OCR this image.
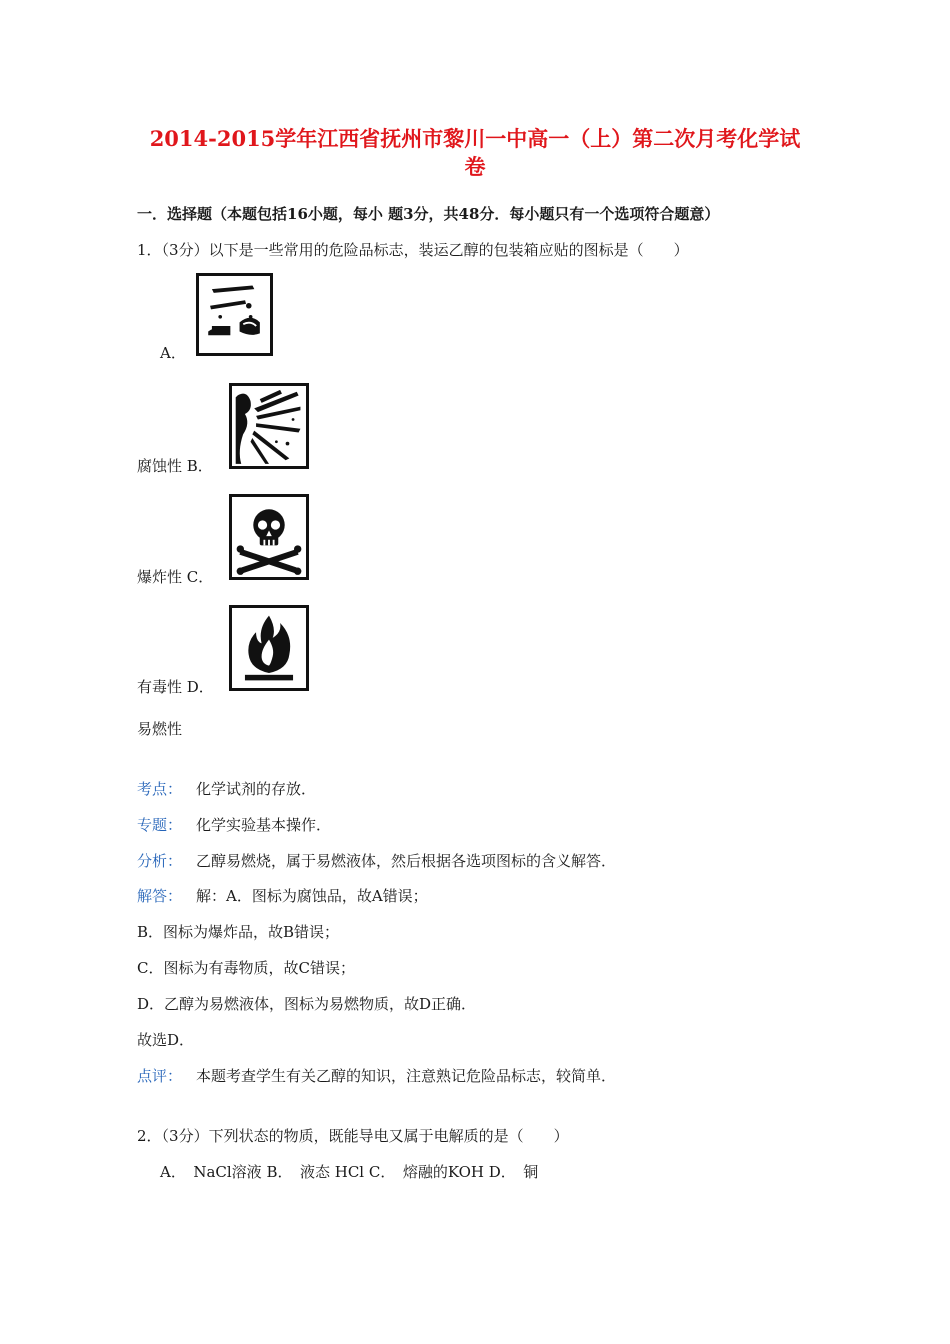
2014-2015学年江西省抚州市黎川一中高一（上）第二次月考化学试
卷
一．选择题（本题包括16小题，每小 题3分，共48分．每小题只有一个选项符合题意）
1．（3分）以下是一些常用的危险品标志，装运乙醇的包装箱应贴的图标是（　　）
A．
腐蚀性 B．
爆炸性 C．
有毒性 D．
易燃性
考点： 化学试剂的存放．
专题： 化学实验基本操作．
分析： 乙醇易燃烧，属于易燃液体，然后根据各选项图标的含义解答．
解答： 解：A．图标为腐蚀品，故A错误；
B．图标为爆炸品，故B错误；
C．图标为有毒物质，故C错误；
D．乙醇为易燃液体，图标为易燃物质，故D正确．
故选D．
点评： 本题考查学生有关乙醇的知识，注意熟记危险品标志，较简单．
2．（3分）下列状态的物质，既能导电又属于电解质的是（　　）
A．　NaCl溶液 B．　液态 HCl C．　熔融的KOH D．　铜
